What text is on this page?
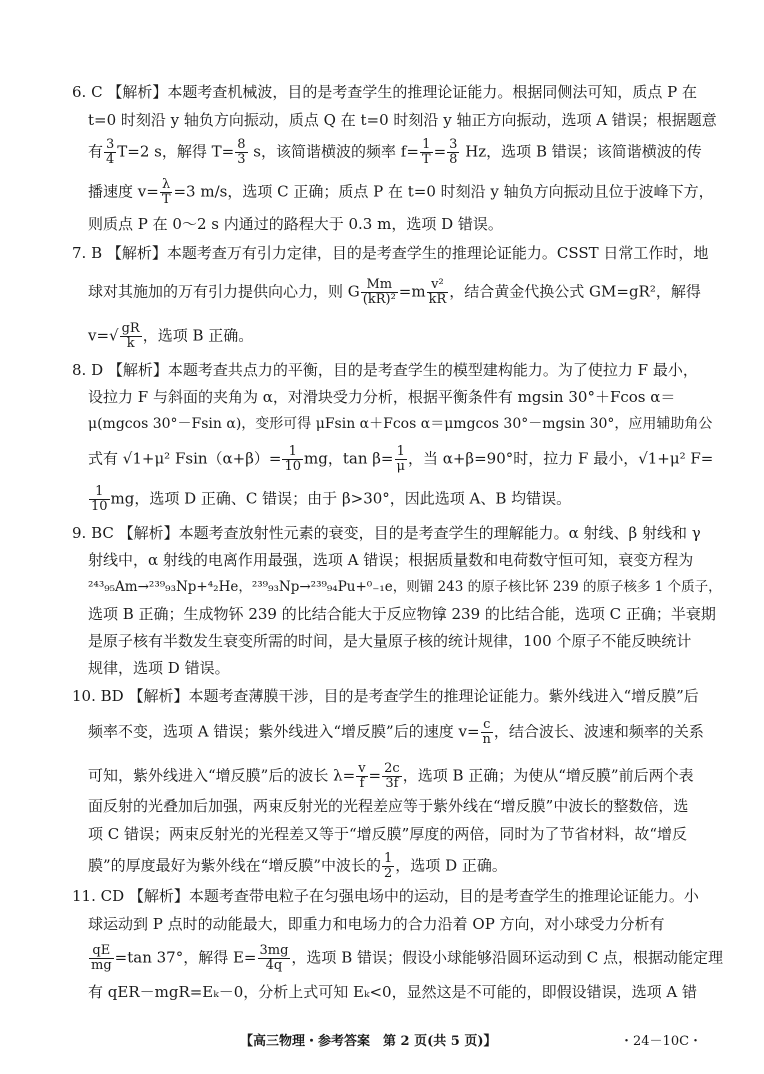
6. C 【解析】本题考查机械波，目的是考查学生的推理论证能力。根据同侧法可知，质点 P 在
t=0 时刻沿 y 轴负方向振动，质点 Q 在 t=0 时刻沿 y 轴正方向振动，选项 A 错误；根据题意
有 $\frac{3}{4} T=2$ s，解得 $T= \frac{8}{3}$ s，该简谐横波的频率 $f= \frac{1}{T} = \frac{3}{8}$ Hz，选项 B 错误；该简谐横波的传
播速度 $v= \frac{\lambda}{T} =3$ m/s，选项 C 正确；质点 P 在 t=0 时刻沿 y 轴负方向振动且位于波峰下方，
则质点 P 在 0～2 s 内通过的路程大于 0.3 m，选项 D 错误。
7. B 【解析】本题考查万有引力定律，目的是考查学生的推理论证能力。CSST 日常工作时，地
球对其施加的万有引力提供向心力，则 G $\frac{Mm}{\text{(kR)²}} =m \frac{\text{v²}}{kR}$ ，结合黄金代换公式 GM=gR²，解得
$v=√ \frac{gR}{k}$ ，选项 B 正确。
8. D 【解析】本题考查共点力的平衡，目的是考查学生的模型建构能力。为了使拉力 F 最小，
设拉力 F 与斜面的夹角为 α，对滑块受力分析，根据平衡条件有 mgsin 30°＋Fcos α＝
μ(mgcos 30°－Fsin α)，变形可得 μFsin α＋Fcos α＝μmgcos 30°－mgsin 30°，应用辅助角公
式有 √1+μ² $Fsin(\alpha+\beta)= \frac{1}{10}$ mg，$\tan \beta= \frac{1}{\mu}$ ，当 α+β=90°时，拉力 F 最小，√1+μ² F=
$\frac{1}{10}$ mg，选项 D 正确、C 错误；由于 β>30°，因此选项 A、B 均错误。
9. BC 【解析】本题考查放射性元素的衰变，目的是考查学生的理解能力。α 射线、β 射线和 γ
射线中，α 射线的电离作用最强，选项 A 错误；根据质量数和电荷数守恒可知，衰变方程为
²⁴³₉₅Am→²³⁹₉₃Np+⁴₂He，²³⁹₉₃Np→²³⁹₉₄Pu+⁰₋₁e，则镅 243 的原子核比钚 239 的原子核多 1 个质子，
选项 B 正确；生成物钚 239 的比结合能大于反应物镎 239 的比结合能，选项 C 正确；半衰期
是原子核有半数发生衰变所需的时间，是大量原子核的统计规律，100 个原子不能反映统计
规律，选项 D 错误。
10. BD 【解析】本题考查薄膜干涉，目的是考查学生的推理论证能力。紫外线进入“增反膜”后
频率不变，选项 A 错误；紫外线进入“增反膜”后的速度 $v= \frac{c}{n}$ ，结合波长、波速和频率的关系
可知，紫外线进入“增反膜”后的波长 $\lambda= \frac{v}{f} = \frac{2c}{3f}$ ，选项 B 正确；为使从“增反膜”前后两个表
面反射的光叠加后加强，两束反射光的光程差应等于紫外线在“增反膜”中波长的整数倍，选
项 C 错误；两束反射光的光程差又等于“增反膜”厚度的两倍，同时为了节省材料，故“增反
膜”的厚度最好为紫外线在“增反膜”中波长的 $\frac{1}{2}$ ，选项 D 正确。
11. CD 【解析】本题考查带电粒子在匀强电场中的运动，目的是考查学生的推理论证能力。小
球运动到 P 点时的动能最大，即重力和电场力的合力沿着 OP 方向，对小球受力分析有
$\frac{qE}{mg} =\tan$ 37°，解得 $E= \frac{3mg}{4q}$ ，选项 B 错误；假设小球能够沿圆环运动到 C 点，根据动能定理
有 qER－mgR=Eₖ－0，分析上式可知 Eₖ<0，显然这是不可能的，即假设错误，选项 A 错
【高三物理・参考答案　第 2 页(共 5 页)】	・24－10C・
